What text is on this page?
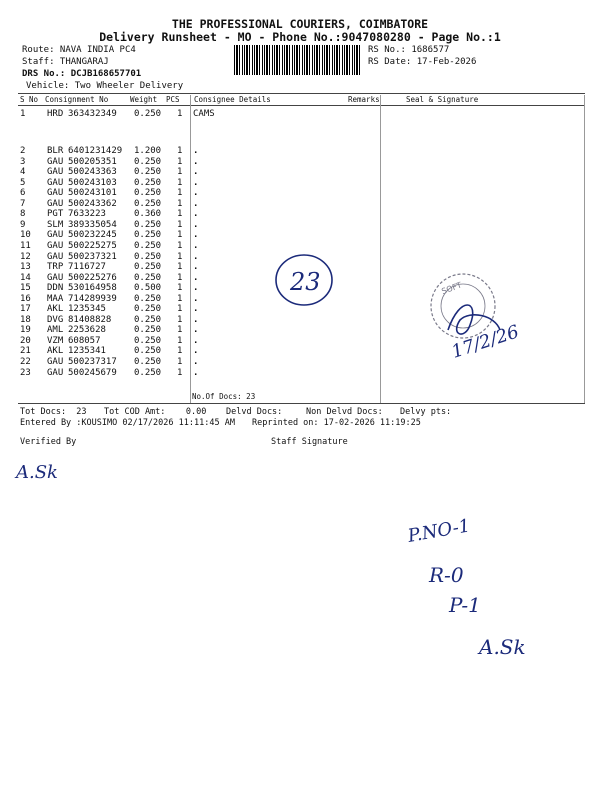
THE PROFESSIONAL COURIERS, COIMBATORE
Delivery Runsheet - MO - Phone No.:9047080280 - Page No.:1
Route: NAVA INDIA PC4
Staff: THANGARAJ
DRS No.: DCJB168657701
Vehicle: Two Wheeler Delivery
RS No.: 1686577
RS Date: 17-Feb-2026
S No Consignment No	Weight PCS Consignee Details	Remarks	Seal & Signature
1 HRD 363432349 0.250 1 CAMS
2 BLR 6401231429 1.200 1 .
3 GAU 500205351 0.250 1 .
4 GAU 500243363 0.250 1 .
5 GAU 500243103 0.250 1 .
6 GAU 500243101 0.250 1 .
7 GAU 500243362 0.250 1 .
8 PGT 7633223	0.360 1 .
9 SLM 389335054 0.250 1 .
10 GAU 500232245 0.250 1 .
11 GAU 500225275 0.250 1 .
12 GAU 500237321 0.250 1 .
13 TRP 7116727	0.250 1 .
14 GAU 500225276 0.250 1 .
15 DDN 530164958 0.500 1 .
16 MAA 714289939 0.250 1 .
17 AKL 1235345	0.250 1 .
18 DVG 81408828	0.250 1 .
19 AML 2253628	0.250 1 .
20 VZM 608057	0.250 1 .
21 AKL 1235341	0.250 1 .
22 GAU 500237317 0.250 1 .
23 GAU 500245679 0.250 1 .
No.Of Docs: 23
Tot Docs:  23 Tot COD Amt:    0.00 Delvd Docs:	Non Delvd Docs: Delvy pts:
Entered By :KOUSIMO 02/17/2026 11:11:45 AM Reprinted on: 17-02-2026 11:19:25
Verified By	Staff Signature
23	SOFT
17/2/26
A.Sk
P.NO-1
R-0
P-1
A.Sk
